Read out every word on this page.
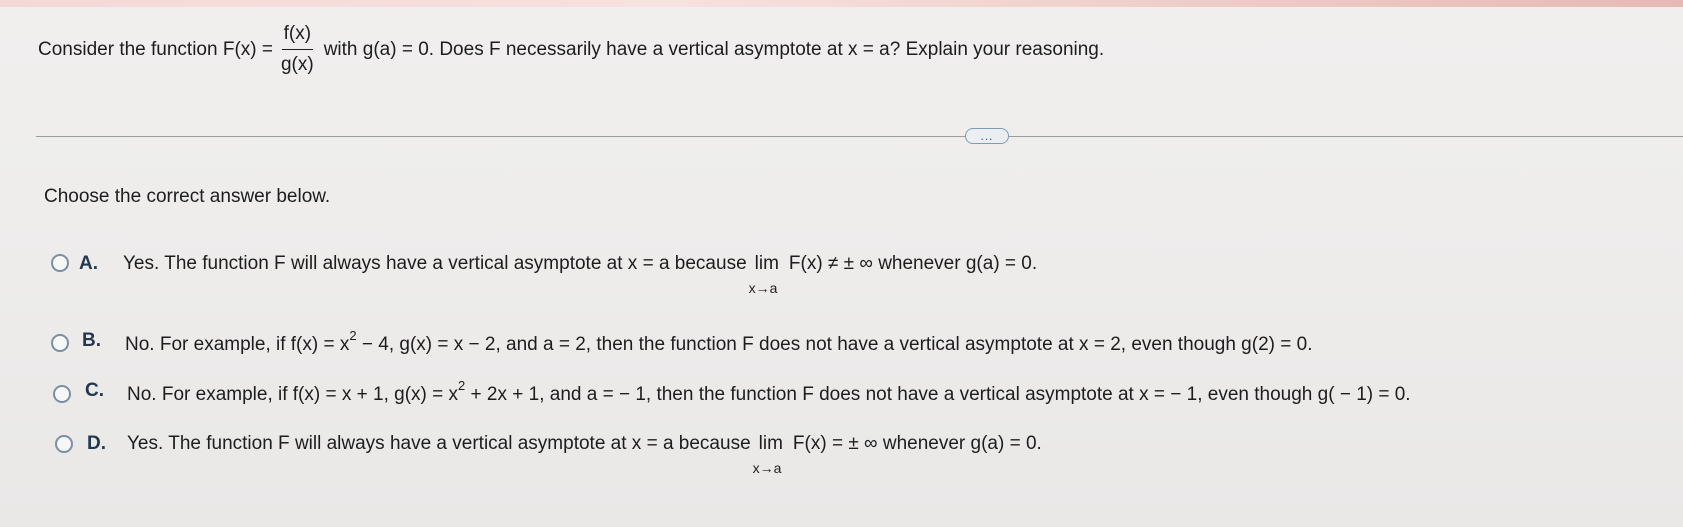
Consider the function $F(x) = \frac{f(x)}{g(x)}$ with g(a) = 0. Does F necessarily have a vertical asymptote at x = a? Explain your reasoning.
...
Choose the correct answer below.
A. Yes. The function F will always have a vertical asymptote at x = a because lim
x→a
F(x) ≠ ± ∞ whenever g(a) = 0.
B. No. For example, if $f(x) = x^2 - 4$, g(x) = x − 2, and a = 2, then the function F does not have a vertical asymptote at x = 2, even though g(2) = 0.
C. No. For example, if f(x) = x + 1, $g(x) = x^2 + 2x + 1$, and a = − 1, then the function F does not have a vertical asymptote at x = − 1, even though g( − 1) = 0.
D. Yes. The function F will always have a vertical asymptote at x = a because lim
x→a
F(x) = ± ∞ whenever g(a) = 0.
